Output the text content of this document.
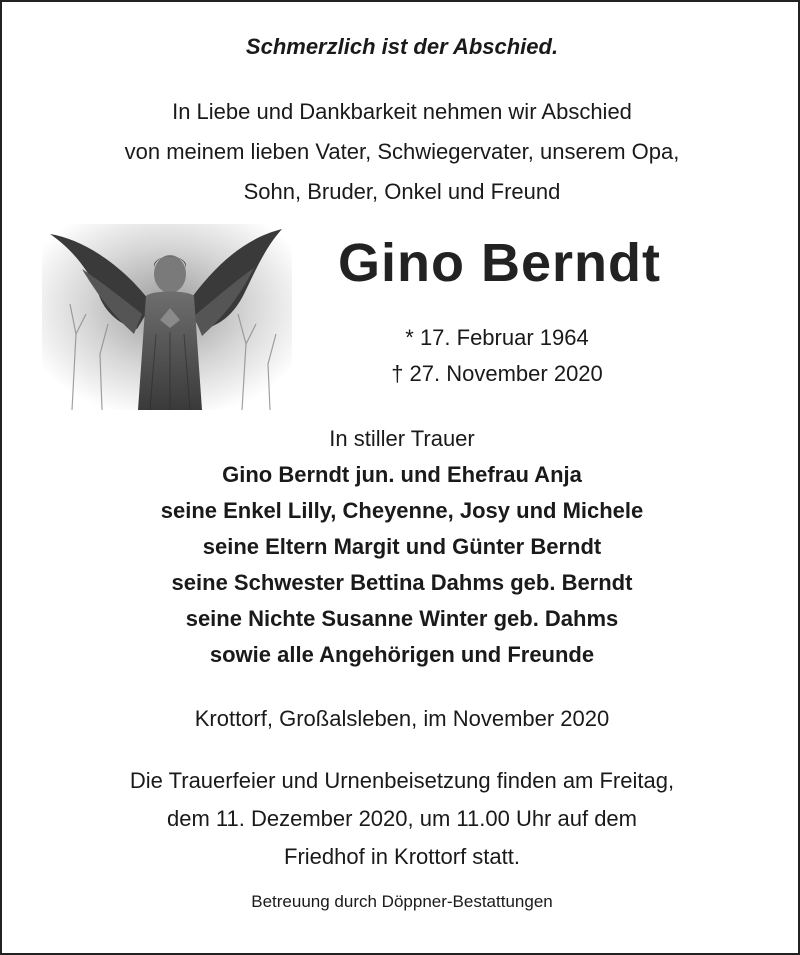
Schmerzlich ist der Abschied.
In Liebe und Dankbarkeit nehmen wir Abschied
von meinem lieben Vater, Schwiegervater, unserem Opa,
Sohn, Bruder, Onkel und Freund
Gino Berndt
* 17. Februar 1964
† 27. November 2020
In stiller Trauer
Gino Berndt jun. und Ehefrau Anja
seine Enkel Lilly, Cheyenne, Josy und Michele
seine Eltern Margit und Günter Berndt
seine Schwester Bettina Dahms geb. Berndt
seine Nichte Susanne Winter geb. Dahms
sowie alle Angehörigen und Freunde
Krottorf, Großalsleben, im November 2020
Die Trauerfeier und Urnenbeisetzung finden am Freitag,
dem 11. Dezember 2020, um 11.00 Uhr auf dem
Friedhof in Krottorf statt.
Betreuung durch Döppner-Bestattungen
